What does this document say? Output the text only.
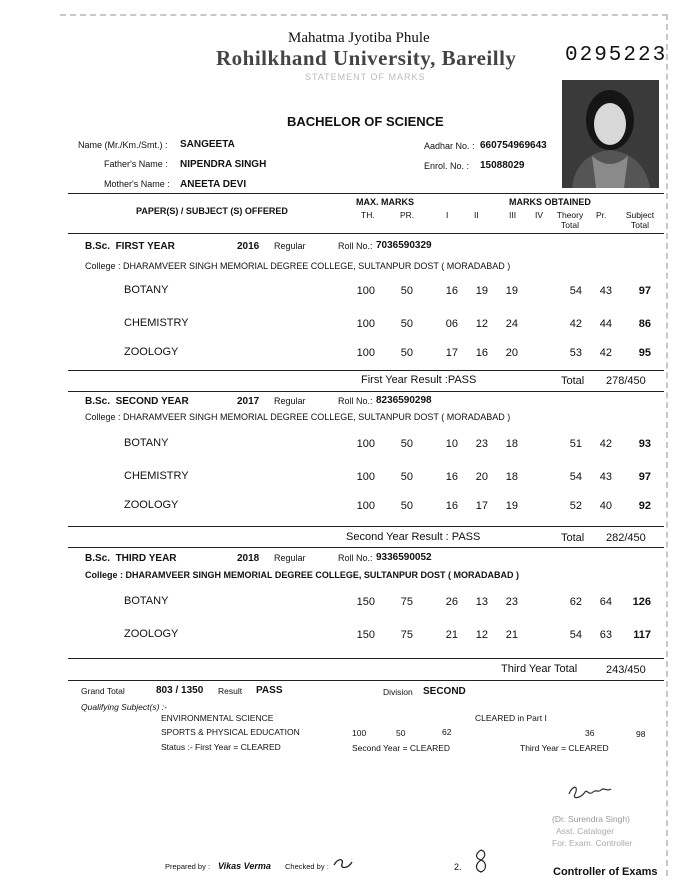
Mahatma Jyotiba Phule
Rohilkhand University, Bareilly
STATEMENT OF MARKS
0295223
BACHELOR OF SCIENCE
Name (Mr./Km./Smt.) : SANGEETA
Father's Name : NIPENDRA SINGH
Mother's Name : ANEETA DEVI
Aadhar No. : 660754969643
Enrol. No. : 15088029
PAPER(S) / SUBJECT (S) OFFERED
MAX. MARKS
TH.	PR.	I	II
MARKS OBTAINED
III IV	Theory Total
Pr.	Subject Total
B.Sc. FIRST YEAR	2016 Regular	Roll No.: 7036590329
College : DHARAMVEER SINGH MEMORIAL DEGREE COLLEGE, SULTANPUR DOST ( MORADABAD )
BOTANY	100	50	16	19	19	54	43	97
CHEMISTRY	100	50	06	12	24	42	44	86
ZOOLOGY	100	50	17	16	20	53	42	95
First Year Result :PASS	Total 278/450
B.Sc. SECOND YEAR	2017 Regular	Roll No.: 8236590298
College : DHARAMVEER SINGH MEMORIAL DEGREE COLLEGE, SULTANPUR DOST ( MORADABAD )
BOTANY	100	50	10	23	18	51	42	93
CHEMISTRY	100	50	16	20	18	54	43	97
ZOOLOGY	100	50	16	17	19	52	40	92
Second Year Result : PASS	Total 282/450
B.Sc. THIRD YEAR	2018 Regular	Roll No.: 9336590052
College : DHARAMVEER SINGH MEMORIAL DEGREE COLLEGE, SULTANPUR DOST ( MORADABAD )
BOTANY	150	75	26	13	23	62	64	126
ZOOLOGY	150	75	21	12	21	54	63	117
Third Year Total	243/450
Grand Total	803 / 1350 Result PASS	Division SECOND
Qualifying Subject(s) :-
ENVIRONMENTAL SCIENCE	CLEARED in Part I
SPORTS & PHYSICAL EDUCATION	100	50	62	36	98
Status :- First Year = CLEARED	Second Year = CLEARED	Third Year = CLEARED
(Dr. Surendra Singh)
Asst. Cataloger
For. Exam. Controller
Prepared by : Vikas Verma Checked by :	2.	Controller of Exams
